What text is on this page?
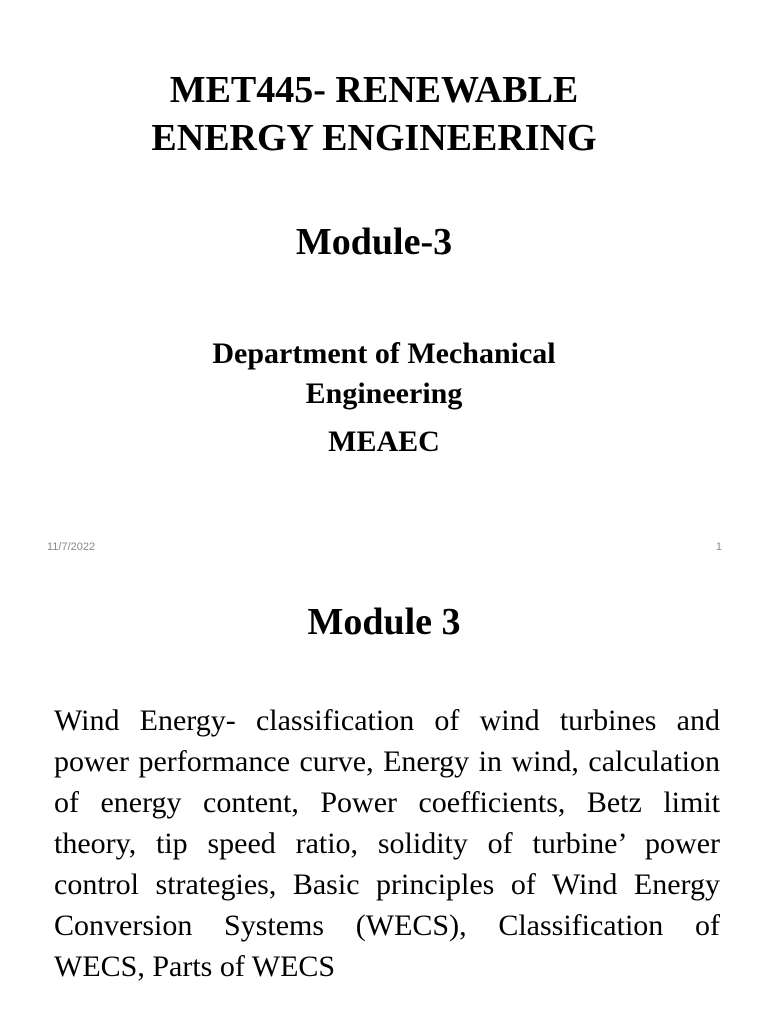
MET445- RENEWABLE
ENERGY ENGINEERING
Module-3
Department of Mechanical
Engineering
MEAEC
11/7/2022	1
Module 3

Wind Energy- classification of wind turbines and power performance curve, Energy in wind, calculation of energy content, Power coefficients, Betz limit theory, tip speed ratio, solidity of turbine’ power control strategies, Basic principles of Wind Energy Conversion Systems (WECS), Classification of WECS, Parts of WECS
